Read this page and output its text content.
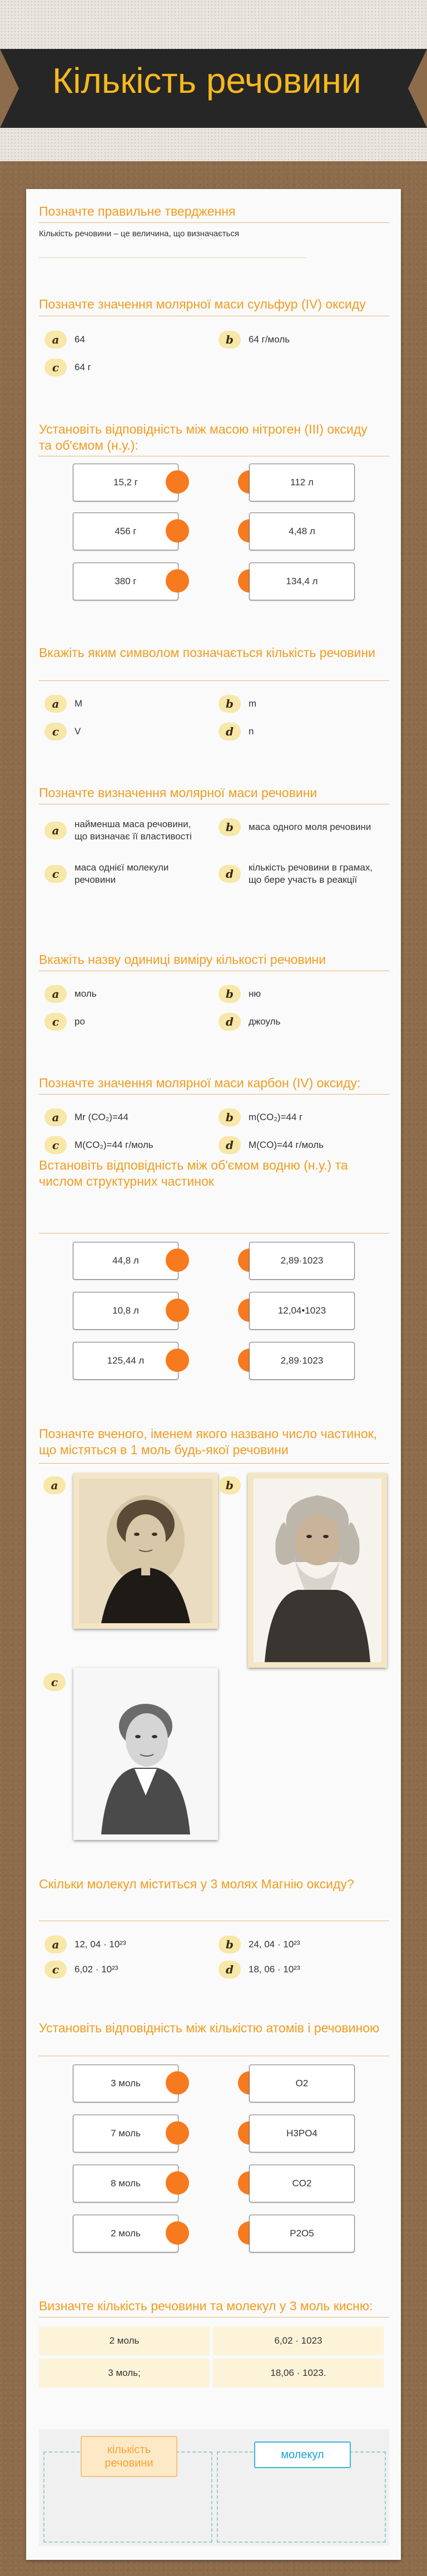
Кількість речовини
Позначте правильне твердження
Кількість речовини – це величина, що визначається
Позначте значення молярної маси сульфур (IV) оксиду
a	64	b	64 г/моль
c	64 г
Установіть відповідність між масою нітроген (ІІІ) оксиду та об'ємом (н.у.):
15,2 г	112 л
456 г	4,48 л
380 г	134,4 л
Вкажіть яким символом позначається кількість речовини
a	M	b	m
c	V	d	n
Позначте визначення молярної маси речовини
a	найменша маса речовини, що визначає її властивості
b	маса одного моля речовини
c	маса однієї молекули речовини	d	кількість речовини в грамах, що бере участь в реакції
Вкажіть назву одиниці виміру кількості речовини
a	моль	b	ню
c	ро	d	джоуль
Позначте значення молярної маси карбон (IV) оксиду:
a	Mr (CO₂)=44	b	m(CO₂)=44 г
c	M(CO₂)=44 г/моль	d	M(CO)=44 г/моль
Встановіть відповідність між об'ємом водню (н.у.) та числом структурних частинок
44,8 л	2,89·1023
10,8 л	12,04•1023
125,44 л	2,89·1023
Позначте вченого, іменем якого названо число частинок, що містяться в 1 моль будь-якої речовини
a	b
c
Скільки молекул міститься у 3 молях Магнію оксиду?
a	12, 04 · 10²³	b	24, 04 · 10²³
c	6,02 · 10²³	d	18, 06 · 10²³
Установіть відповідність між кількістю атомів і речовиною
3 моль	O2
7 моль	H3PO4
8 моль	CO2
2 моль	P2O5
Визначте кількість речовини та молекул у 3 моль кисню:
2 моль	6,02 · 1023
3 моль;	18,06 · 1023.
кількість речовини
молекул
